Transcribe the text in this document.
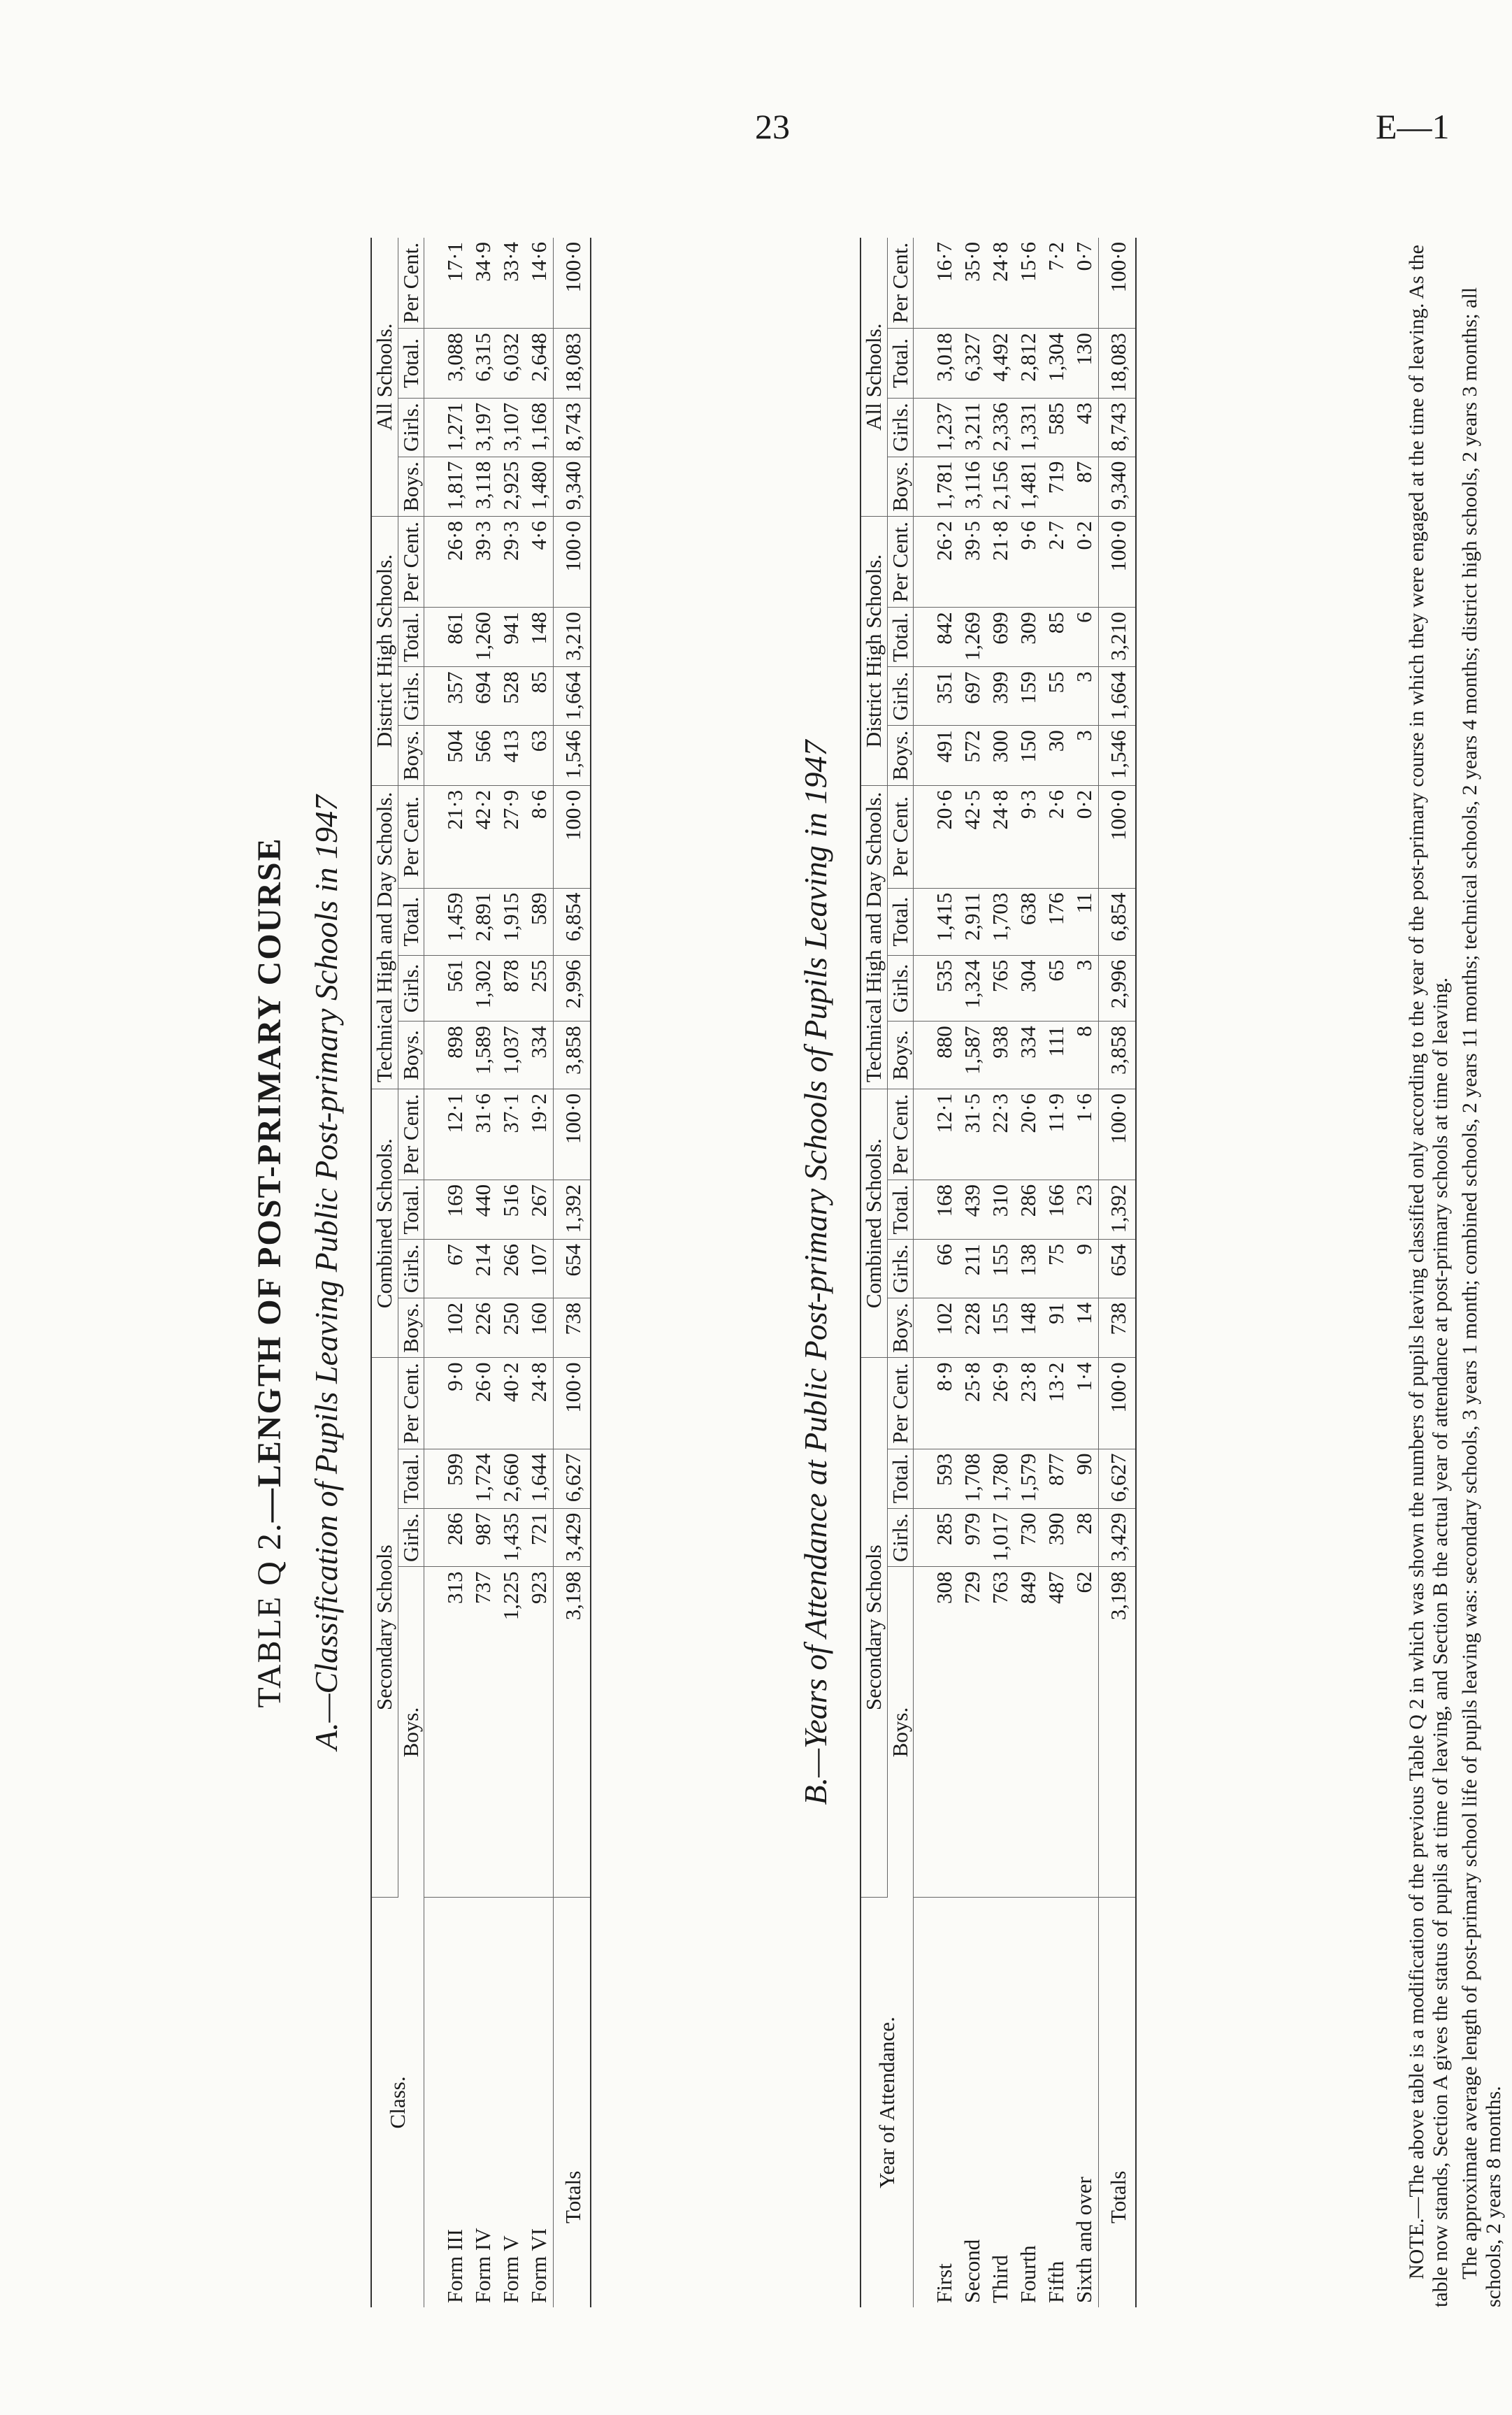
23	E—1
TABLE Q 2.—LENGTH OF POST-PRIMARY COURSE A.—Classification of Pupils Leaving Public Post-primary Schools in 1947
Class.	Secondary Schools				Combined Schools.				Technical High and Day Schools.				District High Schools.				All Schools.			
	Boys.	Girls.	Total.	Per Cent.	Boys.	Girls.	Total.	Per Cent.	Boys.	Girls.	Total.	Per Cent.	Boys.	Girls.	Total.	Per Cent.	Boys.	Girls.	Total.	Per Cent.
Form III	313	286	599	9·0	102	67	169	12·1	898	561	1,459	21·3	504	357	861	26·8	1,817	1,271	3,088	17·1
Form IV	737	987	1,724	26·0	226	214	440	31·6	1,589	1,302	2,891	42·2	566	694	1,260	39·3	3,118	3,197	6,315	34·9
Form V	1,225	1,435	2,660	40·2	250	266	516	37·1	1,037	878	1,915	27·9	413	528	941	29·3	2,925	3,107	6,032	33·4
Form VI	923	721	1,644	24·8	160	107	267	19·2	334	255	589	8·6	63	85	148	4·6	1,480	1,168	2,648	14·6
Totals	3,198	3,429	6,627	100·0	738	654	1,392	100·0	3,858	2,996	6,854	100·0	1,546	1,664	3,210	100·0	9,340	8,743	18,083	100·0
B.—Years of Attendance at Public Post-primary Schools of Pupils Leaving in 1947
Year of Attendance.	Secondary Schools				Combined Schools.				Technical High and Day Schools.				District High Schools.				All Schools.			
	Boys.	Girls.	Total.	Per Cent.	Boys.	Girls.	Total.	Per Cent.	Boys.	Girls.	Total.	Per Cent.	Boys.	Girls.	Total.	Per Cent.	Boys.	Girls.	Total.	Per Cent.
First	308	285	593	8·9	102	66	168	12·1	880	535	1,415	20·6	491	351	842	26·2	1,781	1,237	3,018	16·7
Second	729	979	1,708	25·8	228	211	439	31·5	1,587	1,324	2,911	42·5	572	697	1,269	39·5	3,116	3,211	6,327	35·0
Third	763	1,017	1,780	26·9	155	155	310	22·3	938	765	1,703	24·8	300	399	699	21·8	2,156	2,336	4,492	24·8
Fourth	849	730	1,579	23·8	148	138	286	20·6	334	304	638	9·3	150	159	309	9·6	1,481	1,331	2,812	15·6
Fifth	487	390	877	13·2	91	75	166	11·9	111	65	176	2·6	30	55	85	2·7	719	585	1,304	7·2
Sixth and over	62	28	90	1·4	14	9	23	1·6	8	3	11	0·2	3	3	6	0·2	87	43	130	0·7
Totals	3,198	3,429	6,627	100·0	738	654	1,392	100·0	3,858	2,996	6,854	100·0	1,546	1,664	3,210	100·0	9,340	8,743	18,083	100·0	NOTE.—The above table is a modification of the previous Table Q 2 in which was shown the numbers of pupils leaving classified only according to the year of the post-primary course in which they were engaged at the time of leaving. As the table now stands, Section A gives the status of pupils at time of leaving, and Section B the actual year of attendance at post-primary schools at time of leaving. The approximate average length of post-primary school life of pupils leaving was: secondary schools, 3 years 1 month; combined schools, 2 years 11 months; technical schools, 2 years 4 months; district high schools, 2 years 3 months; all schools, 2 years 8 months.
